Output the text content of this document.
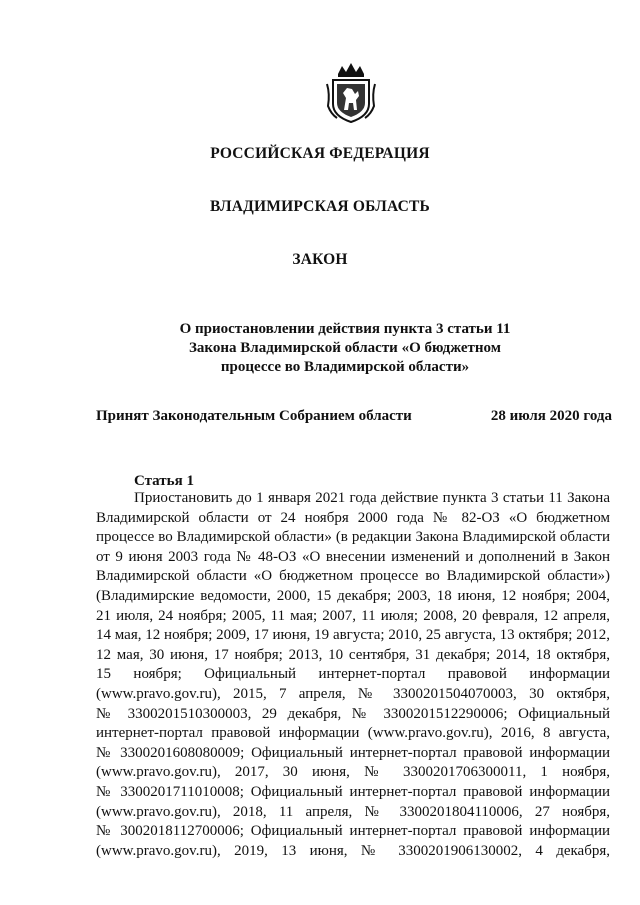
РОССИЙСКАЯ ФЕДЕРАЦИЯ
ВЛАДИМИРСКАЯ ОБЛАСТЬ
ЗАКОН
О приостановлении действия пункта 3 статьи 11
Закона Владимирской области «О бюджетном
процессе во Владимирской области»
Принят Законодательным Собранием области	28 июля 2020 года
Статья 1
Приостановить до 1 января 2021 года действие пункта 3 статьи 11 Закона
Владимирской области от 24 ноября 2000 года № 82-ОЗ «О бюджетном
процессе во Владимирской области» (в редакции Закона Владимирской области
от 9 июня 2003 года № 48-ОЗ «О внесении изменений и дополнений в Закон
Владимирской области «О бюджетном процессе во Владимирской области»)
(Владимирские ведомости, 2000, 15 декабря; 2003, 18 июня, 12 ноября; 2004,
21 июля, 24 ноября; 2005, 11 мая; 2007, 11 июля; 2008, 20 февраля, 12 апреля,
14 мая, 12 ноября; 2009, 17 июня, 19 августа; 2010, 25 августа, 13 октября; 2012,
12 мая, 30 июня, 17 ноября; 2013, 10 сентября, 31 декабря; 2014, 18 октября,
15 ноября; Официальный интернет-портал правовой информации
(www.pravo.gov.ru), 2015, 7 апреля, № 3300201504070003, 30 октября,
№ 3300201510300003, 29 декабря, № 3300201512290006; Официальный
интернет-портал правовой информации (www.pravo.gov.ru), 2016, 8 августа,
№ 3300201608080009; Официальный интернет-портал правовой информации
(www.pravo.gov.ru), 2017, 30 июня, № 3300201706300011, 1 ноября,
№ 3300201711010008; Официальный интернет-портал правовой информации
(www.pravo.gov.ru), 2018, 11 апреля, № 3300201804110006, 27 ноября,
№ 3002018112700006; Официальный интернет-портал правовой информации
(www.pravo.gov.ru), 2019, 13 июня, № 3300201906130002, 4 декабря,
